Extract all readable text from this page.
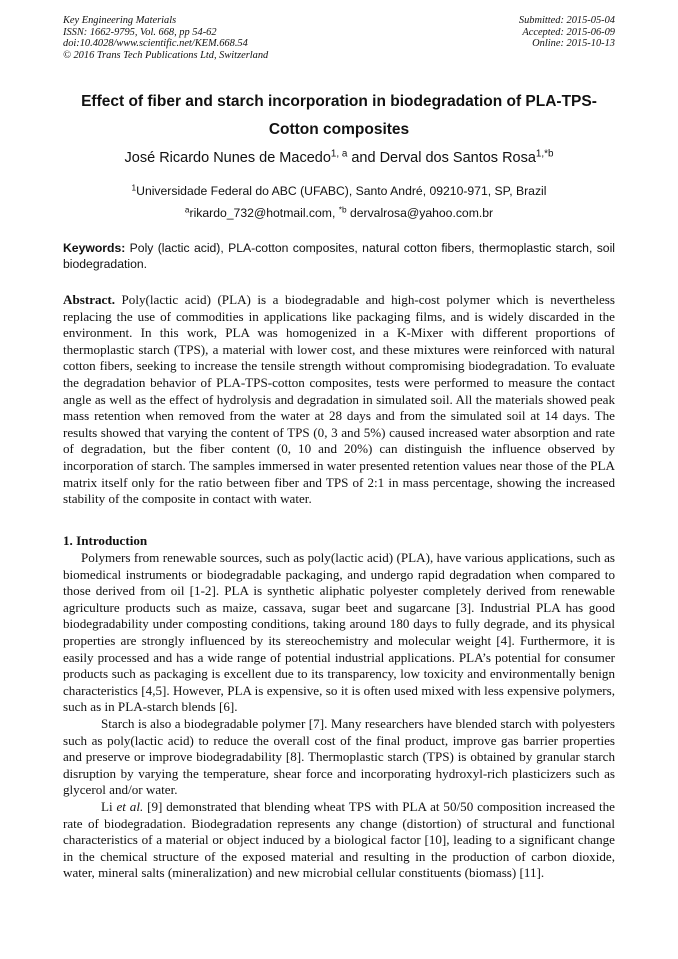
Key Engineering Materials
ISSN: 1662-9795, Vol. 668, pp 54-62
doi:10.4028/www.scientific.net/KEM.668.54
© 2016 Trans Tech Publications Ltd, Switzerland
Submitted: 2015-05-04
Accepted: 2015-06-09
Online: 2015-10-13
Effect of fiber and starch incorporation in biodegradation of PLA-TPS-
Cotton composites
José Ricardo Nunes de Macedo$^{1, a}$ and Derval dos Santos Rosa$^{1,*b}$
$^1$Universidade Federal do ABC (UFABC), Santo André, 09210-971, SP, Brazil
$^a$rikardo_732@hotmail.com, $^{*b}$ dervalrosa@yahoo.com.br
Keywords: Poly (lactic acid), PLA-cotton composites, natural cotton fibers, thermoplastic starch, soil biodegradation.
Abstract. Poly(lactic acid) (PLA) is a biodegradable and high-cost polymer which is nevertheless replacing the use of commodities in applications like packaging films, and is widely discarded in the environment. In this work, PLA was homogenized in a K-Mixer with different proportions of thermoplastic starch (TPS), a material with lower cost, and these mixtures were reinforced with natural cotton fibers, seeking to increase the tensile strength without compromising biodegradation. To evaluate the degradation behavior of PLA-TPS-cotton composites, tests were performed to measure the contact angle as well as the effect of hydrolysis and degradation in simulated soil. All the materials showed peak mass retention when removed from the water at 28 days and from the simulated soil at 14 days. The results showed that varying the content of TPS (0, 3 and 5%) caused increased water absorption and rate of degradation, but the fiber content (0, 10 and 20%) can distinguish the influence observed by incorporation of starch. The samples immersed in water presented retention values near those of the PLA matrix itself only for the ratio between fiber and TPS of 2:1 in mass percentage, showing the increased stability of the composite in contact with water.
1. Introduction

Polymers from renewable sources, such as poly(lactic acid) (PLA), have various applications, such as biomedical instruments or biodegradable packaging, and undergo rapid degradation when compared to those derived from oil [1-2]. PLA is synthetic aliphatic polyester completely derived from renewable agriculture products such as maize, cassava, sugar beet and sugarcane [3]. Industrial PLA has good biodegradability under composting conditions, taking around 180 days to fully degrade, and its physical properties are strongly influenced by its stereochemistry and molecular weight [4]. Furthermore, it is easily processed and has a wide range of potential industrial applications. PLA’s potential for consumer products such as packaging is excellent due to its transparency, low toxicity and environmentally benign characteristics [4,5]. However, PLA is expensive, so it is often used mixed with less expensive polymers, such as in PLA-starch blends [6].

Starch is also a biodegradable polymer [7]. Many researchers have blended starch with polyesters such as poly(lactic acid) to reduce the overall cost of the final product, improve gas barrier properties and preserve or improve biodegradability [8]. Thermoplastic starch (TPS) is obtained by granular starch disruption by varying the temperature, shear force and incorporating hydroxyl-rich plasticizers such as glycerol and/or water.

Li et al. [9] demonstrated that blending wheat TPS with PLA at 50/50 composition increased the rate of biodegradation. Biodegradation represents any change (distortion) of structural and functional characteristics of a material or object induced by a biological factor [10], leading to a significant change in the chemical structure of the exposed material and resulting in the production of carbon dioxide, water, mineral salts (mineralization) and new microbial cellular constituents (biomass) [11].
